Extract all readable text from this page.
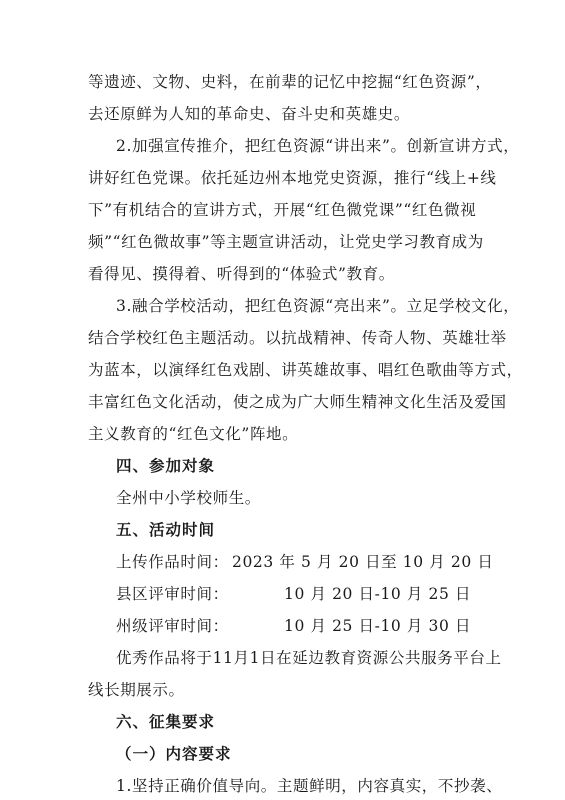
等遗迹、文物、史料，在前辈的记忆中挖掘“红色资源”，
去还原鲜为人知的革命史、奋斗史和英雄史。
2.加强宣传推介，把红色资源“讲出来”。创新宣讲方式，
讲好红色党课。依托延边州本地党史资源，推行“线上+线
下”有机结合的宣讲方式，开展“红色微党课”“红色微视
频”“红色微故事”等主题宣讲活动，让党史学习教育成为
看得见、摸得着、听得到的“体验式”教育。
3.融合学校活动，把红色资源“亮出来”。立足学校文化，
结合学校红色主题活动。以抗战精神、传奇人物、英雄壮举
为蓝本，以演绎红色戏剧、讲英雄故事、唱红色歌曲等方式，
丰富红色文化活动，使之成为广大师生精神文化生活及爱国
主义教育的“红色文化”阵地。
四、参加对象
全州中小学校师生。
五、活动时间
上传作品时间： 2023 年 5 月 20 日至 10 月 20 日
县区评审时间：	10 月 20 日-10 月 25 日
州级评审时间：	10 月 25 日-10 月 30 日
优秀作品将于11月1日在延边教育资源公共服务平台上
线长期展示。
六、征集要求
（一）内容要求
1.坚持正确价值导向。主题鲜明，内容真实，不抄袭、
